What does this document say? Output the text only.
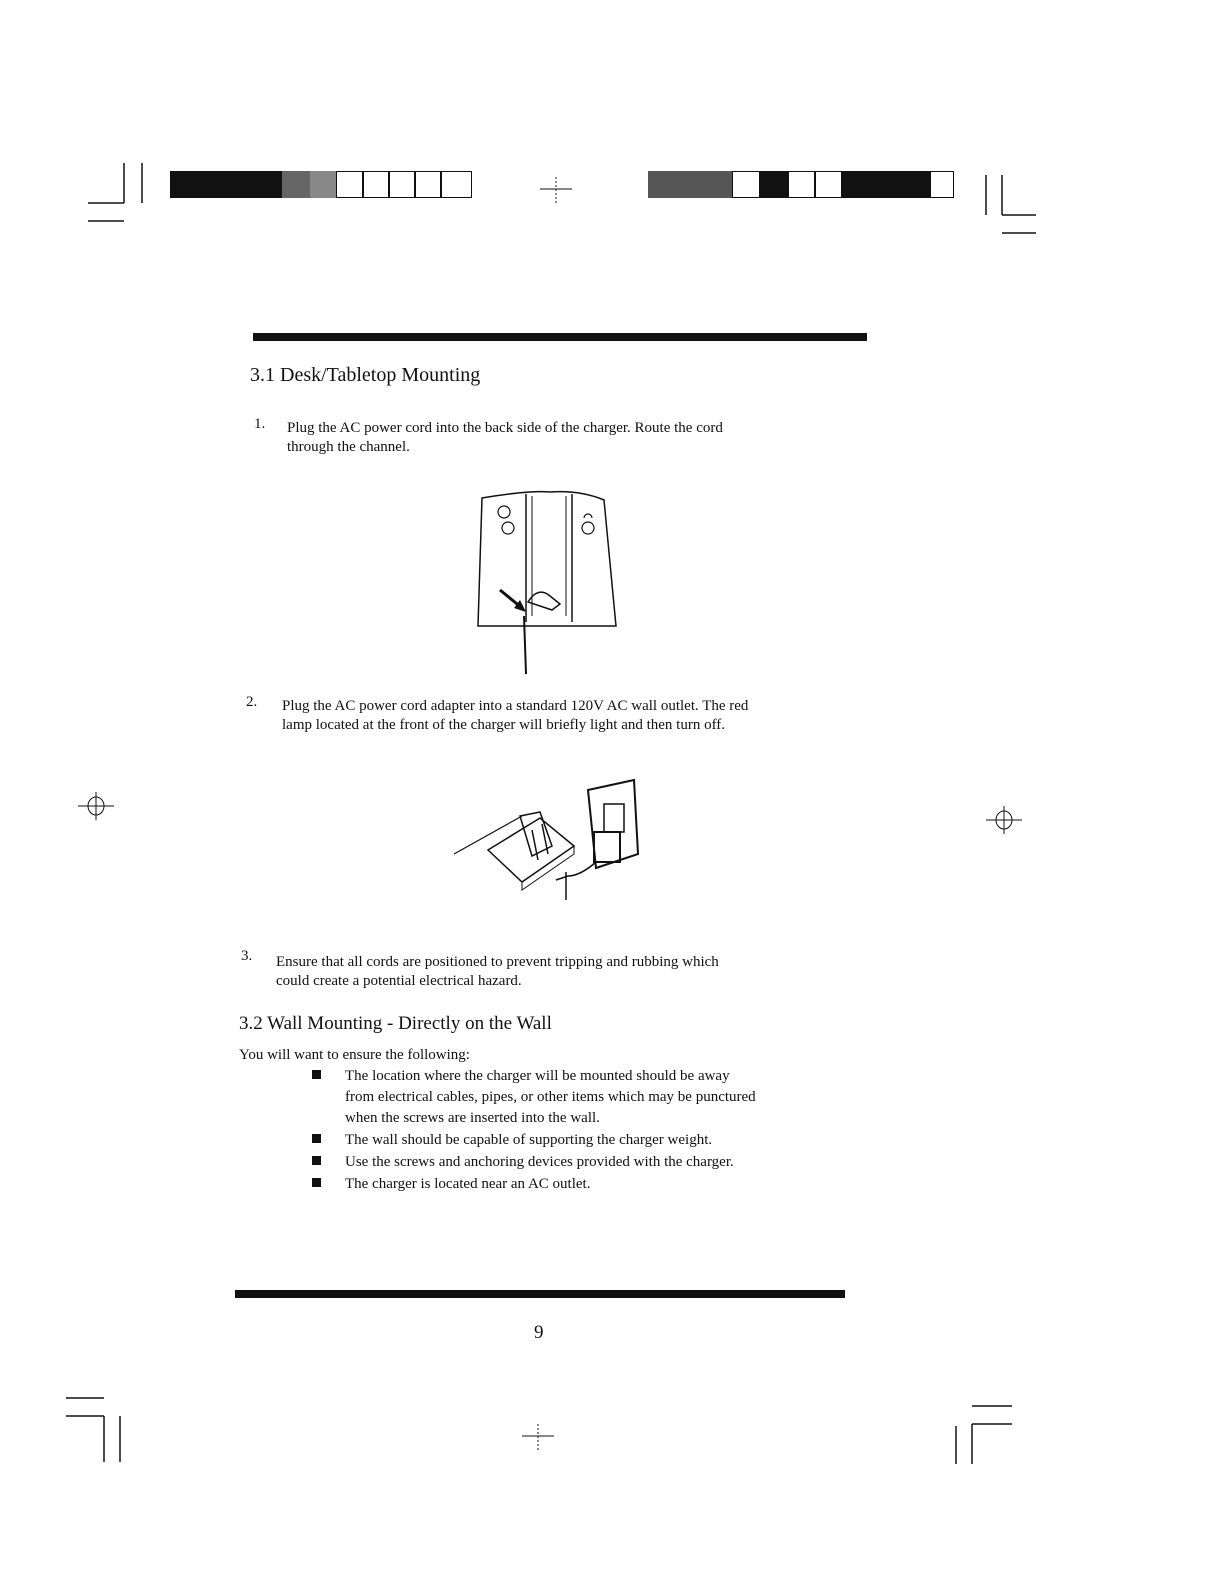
3.1 Desk/Tabletop Mounting
1. Plug the AC power cord into the back side of the charger. Route the cord
through the channel.
2. Plug the AC power cord adapter into a standard 120V AC wall outlet. The red
lamp located at the front of the charger will briefly light and then turn off.
3. Ensure that all cords are positioned to prevent tripping and rubbing which
could create a potential electrical hazard.
3.2 Wall Mounting - Directly on the Wall
You will want to ensure the following:
The location where the charger will be mounted should be away
from electrical cables, pipes, or other items which may be punctured
when the screws are inserted into the wall.
The wall should be capable of supporting the charger weight.
Use the screws and anchoring devices provided with the charger.
The charger is located near an AC outlet.
9
